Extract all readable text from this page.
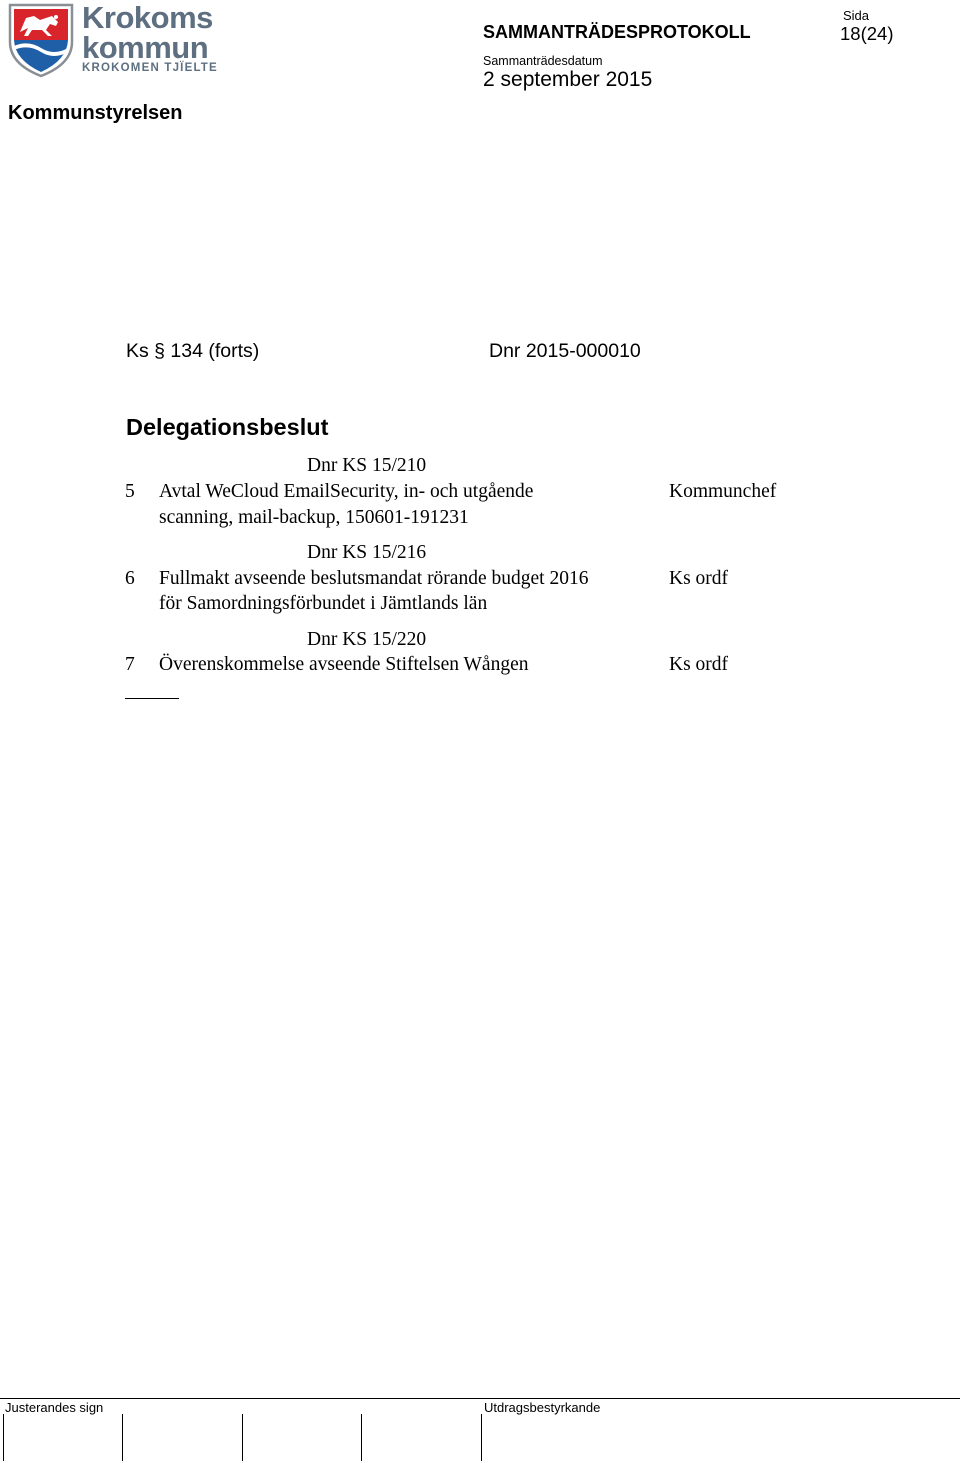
Krokoms
kommun
KROKOMEN TJÏELTE
Kommunstyrelsen
SAMMANTRÄDESPROTOKOLL
Sammanträdesdatum
2 september 2015
Sida
18(24)
Ks § 134 (forts)	Dnr 2015-000010
Delegationsbeslut
Dnr KS 15/210
5 Avtal WeCloud EmailSecurity, in- och utgående
scanning, mail-backup, 150601-191231
Kommunchef
Dnr KS 15/216
6 Fullmakt avseende beslutsmandat rörande budget 2016
för Samordningsförbundet i Jämtlands län
Ks ordf
Dnr KS 15/220
7 Överenskommelse avseende Stiftelsen Wången	Ks ordf
Justerandes sign	Utdragsbestyrkande
